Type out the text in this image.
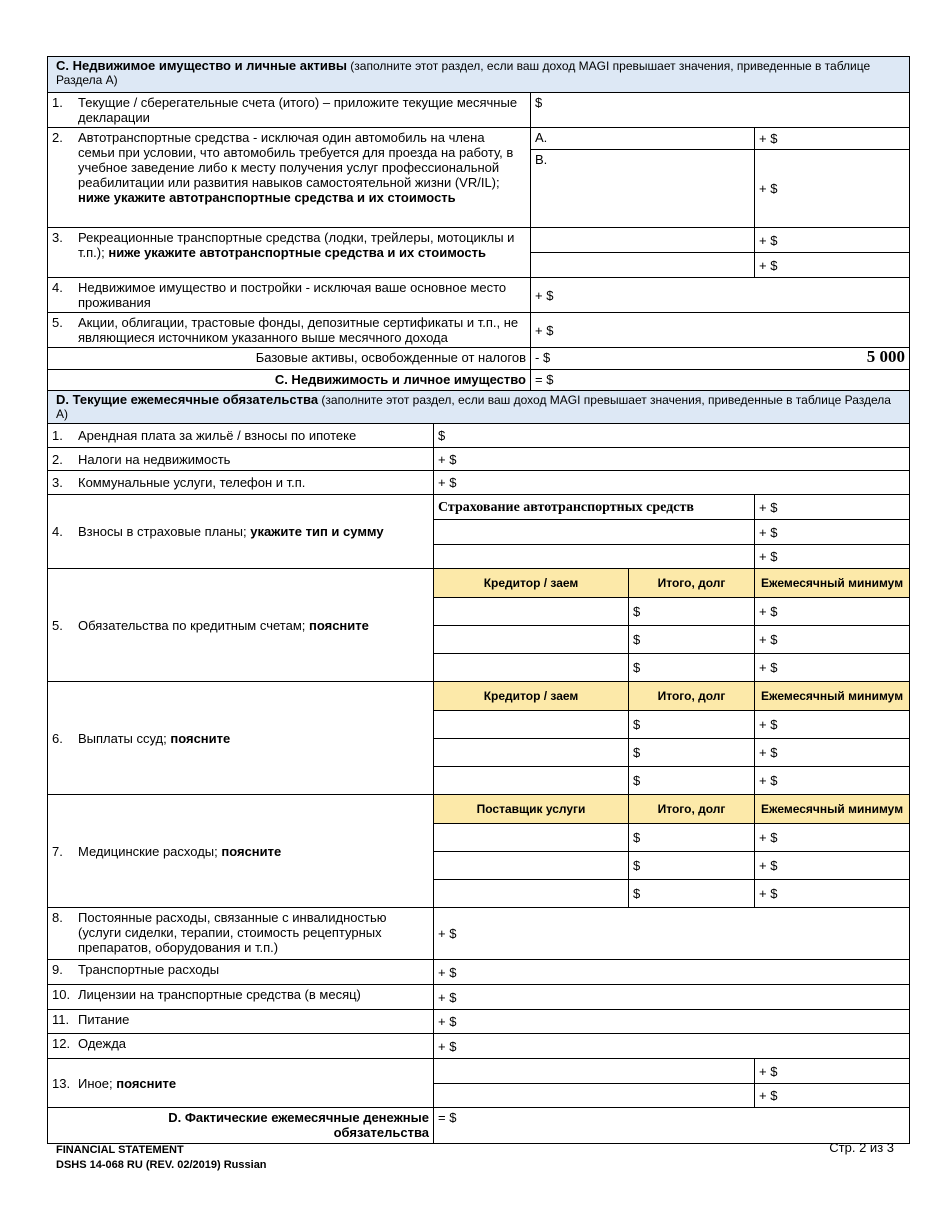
C. Недвижимое имущество и личные активы (заполните этот раздел, если ваш доход MAGI превышает значения, приведенные в таблице Раздела А)		
1. Текущие / сберегательные счета (итого) – приложите текущие месячные декларации	$	
2. Автотранспортные средства - исключая один автомобиль на члена семьи при условии, что автомобиль требуется для проезда на работу, в учебное заведение либо к месту получения услуг профессиональной реабилитации или развития навыков самостоятельной жизни (VR/IL); ниже укажите автотранспортные средства и их стоимость	A.	+ $
	B.	+ $
3. Рекреационные транспортные средства (лодки, трейлеры, мотоциклы и т.п.); ниже укажите автотранспортные средства и их стоимость		+ $
		+ $
4. Недвижимое имущество и постройки - исключая ваше основное место проживания	+ $	
5. Акции, облигации, трастовые фонды, депозитные сертификаты и т.п., не являющиеся источником указанного выше месячного дохода	+ $	
Базовые активы, освобожденные от налогов	- $ 5 000	

C. Недвижимость и личное имущество	= $	
D. Текущие ежемесячные обязательства (заполните этот раздел, если ваш доход MAGI превышает значения, приведенные в таблице Раздела А)			
1. Арендная плата за жильё / взносы по ипотеке	$		
2. Налоги на недвижимость	+ $		
3. Коммунальные услуги, телефон и т.п.	+ $		
4. Взносы в страховые планы; укажите тип и сумму	Страхование автотранспортных средств		+ $
			+ $
			+ $
5. Обязательства по кредитным счетам; поясните	Кредитор / заем	Итого, долг	Ежемесячный минимум
		$	+ $
		$	+ $
		$	+ $
6. Выплаты ссуд; поясните	Кредитор / заем	Итого, долг	Ежемесячный минимум
		$	+ $
		$	+ $
		$	+ $
7. Медицинские расходы; поясните	Поставщик услуги	Итого, долг	Ежемесячный минимум
		$	+ $
		$	+ $
		$	+ $
8. Постоянные расходы, связанные с инвалидностью (услуги сиделки, терапии, стоимость рецептурных препаратов, оборудования и т.п.)	+ $		
9. Транспортные расходы	+ $		
10. Лицензии на транспортные средства (в месяц)	+ $		
11. Питание	+ $		
12. Одежда	+ $		
13. Иное; поясните			+ $
			+ $
D. Фактические ежемесячные денежные обязательства	= $		
FINANCIAL STATEMENT
DSHS 14-068 RU (REV. 02/2019) Russian
Стр. 2 из 3
